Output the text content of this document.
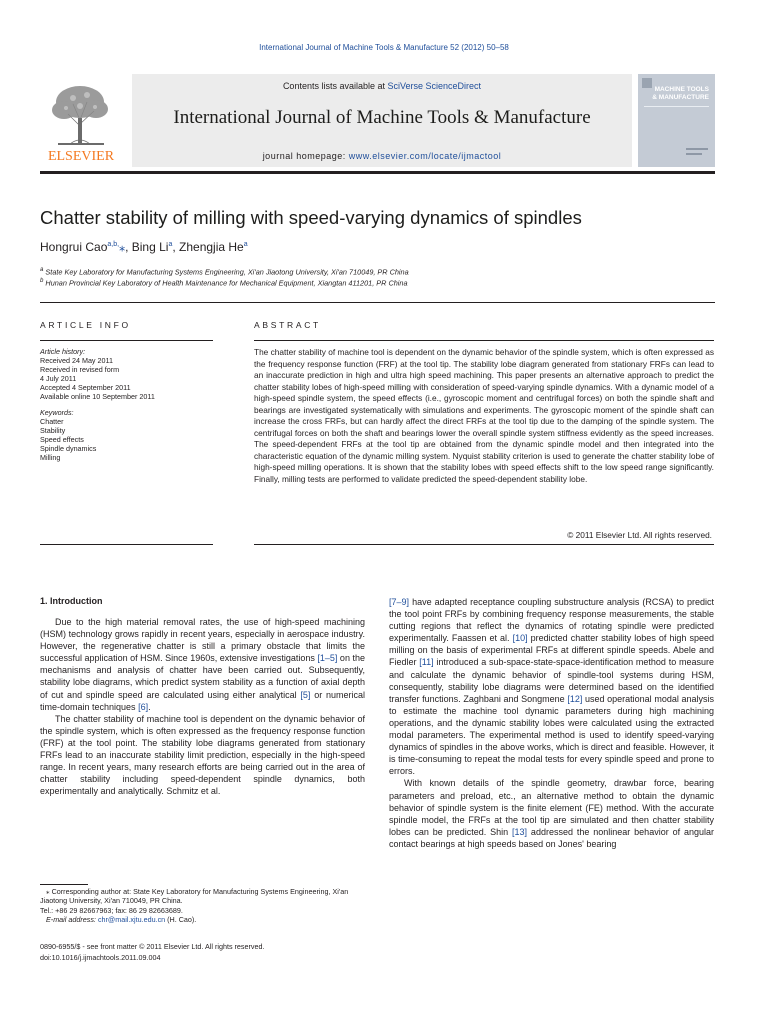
International Journal of Machine Tools & Manufacture 52 (2012) 50–58
ELSEVIER
Contents lists available at SciVerse ScienceDirect
International Journal of Machine Tools & Manufacture
journal homepage: www.elsevier.com/locate/ijmactool
MACHINE TOOLS
& MANUFACTURE
Chatter stability of milling with speed-varying dynamics of spindles
Hongrui Cao$^{a,b,}$⁎, Bing Li$^a$, Zhengjia He$^a$
$^a$ State Key Laboratory for Manufacturing Systems Engineering, Xi'an Jiaotong University, Xi'an 710049, PR China
$^b$ Hunan Provincial Key Laboratory of Health Maintenance for Mechanical Equipment, Xiangtan 411201, PR China
ARTICLE INFO	ABSTRACT
Article history:
Received 24 May 2011
Received in revised form
4 July 2011
Accepted 4 September 2011
Available online 10 September 2011
Keywords:
Chatter
Stability
Speed effects
Spindle dynamics
Milling
The chatter stability of machine tool is dependent on the dynamic behavior of the spindle system, which is often expressed as the frequency response function (FRF) at the tool tip. The stability lobe diagram generated from stationary FRFs can lead to an inaccurate prediction in high and ultra high speed machining. This paper presents an alternative approach to predict the chatter stability lobes of high-speed milling with consideration of speed-varying spindle dynamics. With a dynamic model of a high-speed spindle system, the speed effects (i.e., gyroscopic moment and centrifugal forces) on both the spindle shaft and bearings are investigated systematically with simulations and experiments. The gyroscopic moment of the spindle shaft can increase the cross FRFs, but can hardly affect the direct FRFs at the tool tip due to the damping of the spindle system. The centrifugal forces on both the shaft and bearings lower the overall spindle system stiffness evidently as the speed increases. The speed-dependent FRFs at the tool tip are obtained from the dynamic spindle model and then integrated into the characteristic equation of the dynamic milling system. Nyquist stability criterion is used to generate the chatter stability lobe of high-speed milling operations. It is shown that the stability lobes with speed effects shift to the low speed range significantly. Finally, milling tests are performed to validate predicted the speed-dependent stability lobe.
© 2011 Elsevier Ltd. All rights reserved.
1. Introduction

Due to the high material removal rates, the use of high-speed machining (HSM) technology grows rapidly in recent years, especially in aerospace industry. However, the regenerative chatter is still a primary obstacle that limits the successful application of HSM. Since 1960s, extensive investigations [1–5] on the mechanisms and analysis of chatter have been carried out. Subsequently, stability lobe diagrams, which predict system stability as a function of axial depth of cut and spindle speed are calculated using either analytical [5] or numerical time-domain techniques [6].

The chatter stability of machine tool is dependent on the dynamic behavior of the spindle system, which is often expressed as the frequency response function (FRF) at the tool point. The stability lobe diagrams generated from stationary FRFs lead to an inaccurate stability limit prediction, especially in the high-speed range. In recent years, many research efforts are being carried out in the area of chatter stability including speed-dependent spindle dynamics, both experimentally and analytically. Schmitz et al.

[7–9] have adapted receptance coupling substructure analysis (RCSA) to predict the tool point FRFs by combining frequency response measurements, the stable cutting regions that reflect the dynamics of rotating spindle were predicted experimentally. Faassen et al. [10] predicted chatter stability lobes of high speed milling on the basis of experimental FRFs at different spindle speeds. Abele and Fiedler [11] introduced a sub-space-state-space-identification method to measure and calculate the dynamic behavior of spindle-tool systems during HSM, consequently, stability lobe diagrams were determined based on the identified transfer functions. Zaghbani and Songmene [12] used operational modal analysis to estimate the machine tool dynamic parameters during high machining operations, and the dynamic stability lobes were calculated using the extracted modal parameters. The experimental method is used to identify speed-varying dynamics of spindles in the above works, which is direct and feasible. However, it is time-consuming to repeat the modal tests for every spindle speed and prone to errors.

With known details of the spindle geometry, drawbar force, bearing parameters and preload, etc., an alternative method to obtain the dynamic behavior of spindle system is the finite element (FE) method. With the accurate spindle model, the FRFs at the tool tip are simulated and then chatter stability lobes can be predicted. Shin [13] addressed the nonlinear behavior of angular contact bearings at high speeds based on Jones' bearing

⁎ Corresponding author at: State Key Laboratory for Manufacturing Systems Engineering, Xi'an Jiaotong University, Xi'an 710049, PR China.

Tel.: +86 29 82667963; fax: 86 29 82663689.

E-mail address: chr@mail.xjtu.edu.cn (H. Cao).

0890-6955/$ - see front matter © 2011 Elsevier Ltd. All rights reserved.
doi:10.1016/j.ijmachtools.2011.09.004
